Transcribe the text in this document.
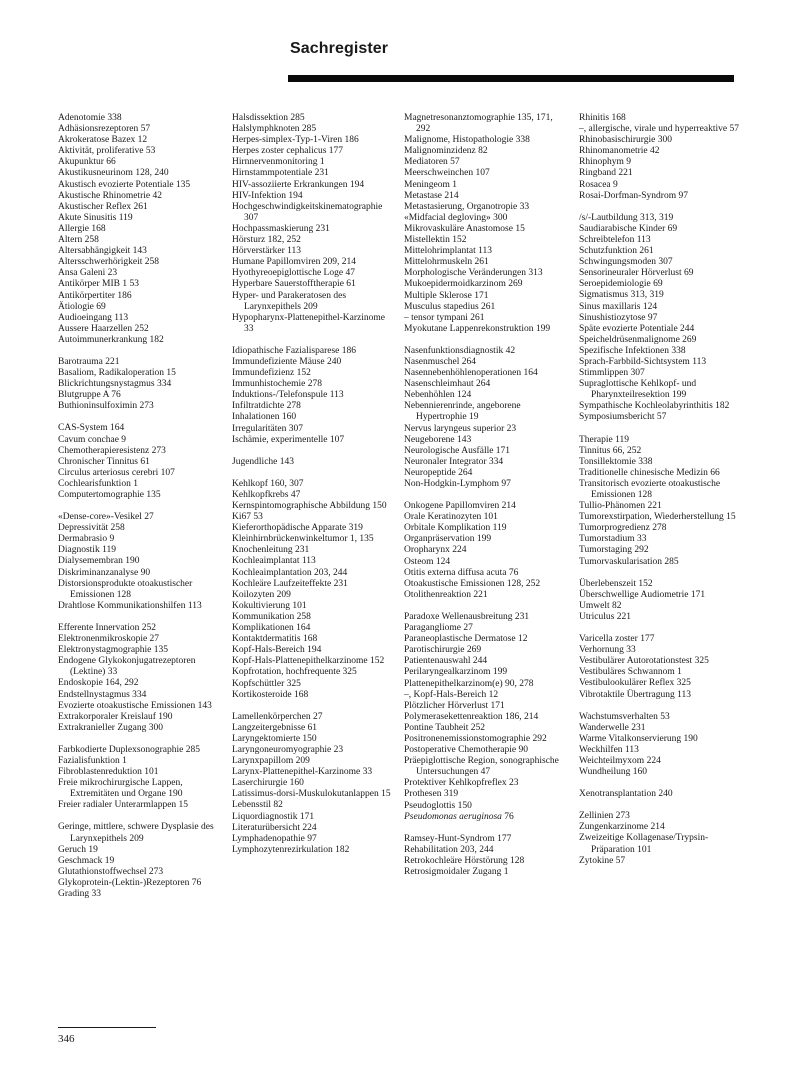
Sachregister
Adenotomie 338
Adhäsionsrezeptoren 57
Akrokeratose Bazex 12
Aktivität, proliferative 53
Akupunktur 66
Akustikusneurinom 128, 240
Akustisch evozierte Potentiale 135
Akustische Rhinometrie 42
Akustischer Reflex 261
Akute Sinusitis 119
Allergie 168
Altern 258
Altersabhängigkeit 143
Altersschwerhörigkeit 258
Ansa Galeni 23
Antikörper MIB 1 53
Antikörpertiter 186
Ätiologie 69
Audioeingang 113
Aussere Haarzellen 252
Autoimmunerkrankung 182
Barotrauma 221
Basaliom, Radikaloperation 15
Blickrichtungsnystagmus 334
Blutgruppe A 76
Buthioninsulfoximin 273
CAS-System 164
Cavum conchae 9
Chemotherapieresistenz 273
Chronischer Tinnitus 61
Circulus arteriosus cerebri 107
Cochlearisfunktion 1
Computertomographie 135
«Dense-core»-Vesikel 27
Depressivität 258
Dermabrasio 9
Diagnostik 119
Dialysemembran 190
Diskriminanzanalyse 90
Distorsionsprodukte otoakustischer Emissionen 128
Drahtlose Kommunikationshilfen 113
Efferente Innervation 252
Elektronenmikroskopie 27
Elektronystagmographie 135
Endogene Glykokonjugatrezeptoren (Lektine) 33
Endoskopie 164, 292
Endstellnystagmus 334
Evozierte otoakustische Emissionen 143
Extrakorporaler Kreislauf 190
Extrakranieller Zugang 300
Farbkodierte Duplexsonographie 285
Fazialisfunktion 1
Fibroblastenreduktion 101
Freie mikrochirurgische Lappen, Extremitäten und Organe 190
Freier radialer Unterarmlappen 15
Geringe, mittlere, schwere Dysplasie des Larynxepithels 209
Geruch 19
Geschmack 19
Glutathionstoffwechsel 273
Glykoprotein-(Lektin-)Rezeptoren 76
Grading 33
Halsdissektion 285
Halslymphknoten 285
Herpes-simplex-Typ-1-Viren 186
Herpes zoster cephalicus 177
Hirnnervenmonitoring 1
Hirnstammpotentiale 231
HIV-assoziierte Erkrankungen 194
HIV-Infektion 194
Hochgeschwindigkeitskinematographie 307
Hochpassmaskierung 231
Hörsturz 182, 252
Hörverstärker 113
Humane Papillomviren 209, 214
Hyothyreoepiglottische Loge 47
Hyperbare Sauerstofftherapie 61
Hyper- und Parakeratosen des Larynxepithels 209
Hypopharynx-Plattenepithel-Karzinome 33
Idiopathische Fazialisparese 186
Immundefiziente Mäuse 240
Immundefizienz 152
Immunhistochemie 278
Induktions-/Telefonspule 113
Infiltratdichte 278
Inhalationen 160
Irregularitäten 307
Ischämie, experimentelle 107
Jugendliche 143
Kehlkopf 160, 307
Kehlkopfkrebs 47
Kernspintomographische Abbildung 150
Ki67 53
Kieferorthopädische Apparate 319
Kleinhirnbrückenwinkeltumor 1, 135
Knochenleitung 231
Kochleaimplantat 113
Kochleaimplantation 203, 244
Kochleäre Laufzeiteffekte 231
Koilozyten 209
Kokultivierung 101
Kommunikation 258
Komplikationen 164
Kontaktdermatitis 168
Kopf-Hals-Bereich 194
Kopf-Hals-Plattenepithelkarzinome 152
Kopfrotation, hochfrequente 325
Kopfschüttler 325
Kortikosteroide 168
Lamellenkörperchen 27
Langzeitergebnisse 61
Laryngektomierte 150
Laryngoneuromyographie 23
Larynxpapillom 209
Larynx-Plattenepithel-Karzinome 33
Laserchirurgie 160
Latissimus-dorsi-Muskulokutanlappen 15
Lebensstil 82
Liquordiagnostik 171
Literaturübersicht 224
Lymphadenopathie 97
Lymphozytenrezirkulation 182
Magnetresonanztomographie 135, 171, 292
Malignome, Histopathologie 338
Malignominzidenz 82
Mediatoren 57
Meerschweinchen 107
Meningeom 1
Metastase 214
Metastasierung, Organotropie 33
«Midfacial degloving» 300
Mikrovaskuläre Anastomose 15
Mistellektin 152
Mittelohrimplantat 113
Mittelohrmuskeln 261
Morphologische Veränderungen 313
Mukoepidermoidkarzinom 269
Multiple Sklerose 171
Musculus stapedius 261
– tensor tympani 261
Myokutane Lappenrekonstruktion 199
Nasenfunktionsdiagnostik 42
Nasenmuschel 264
Nasennebenhöhlenoperationen 164
Nasenschleimhaut 264
Nebenhöhlen 124
Nebennierenrinde, angeborene Hypertrophie 19
Nervus laryngeus superior 23
Neugeborene 143
Neurologische Ausfälle 171
Neuronaler Integrator 334
Neuropeptide 264
Non-Hodgkin-Lymphom 97
Onkogene Papillomviren 214
Orale Keratinozyten 101
Orbitale Komplikation 119
Organpräservation 199
Oropharynx 224
Osteom 124
Otitis externa diffusa acuta 76
Otoakustische Emissionen 128, 252
Otolithenreaktion 221
Paradoxe Wellenausbreitung 231
Paragangliome 27
Paraneoplastische Dermatose 12
Parotischirurgie 269
Patientenauswahl 244
Perilaryngealkarzinom 199
Plattenepithelkarzinom(e) 90, 278
–, Kopf-Hals-Bereich 12
Plötzlicher Hörverlust 171
Polymerasekettenreaktion 186, 214
Pontine Taubheit 252
Positronenemissionstomographie 292
Postoperative Chemotherapie 90
Präepiglottische Region, sonographische Untersuchungen 47
Protektiver Kehlkopfreflex 23
Prothesen 319
Pseudoglottis 150
Pseudomonas aeruginosa 76
Ramsey-Hunt-Syndrom 177
Rehabilitation 203, 244
Retrokochleäre Hörstörung 128
Retrosigmoidaler Zugang 1
Rhinitis 168
–, allergische, virale und hyperreaktive 57
Rhinobasischirurgie 300
Rhinomanometrie 42
Rhinophym 9
Ringband 221
Rosacea 9
Rosai-Dorfman-Syndrom 97
/s/-Lautbildung 313, 319
Saudiarabische Kinder 69
Schreibtelefon 113
Schutzfunktion 261
Schwingungsmoden 307
Sensorineuraler Hörverlust 69
Seroepidemiologie 69
Sigmatismus 313, 319
Sinus maxillaris 124
Sinushistiozytose 97
Späte evozierte Potentiale 244
Speicheldrüsenmalignome 269
Spezifische Infektionen 338
Sprach-Farbbild-Sichtsystem 113
Stimmlippen 307
Supraglottische Kehlkopf- und Pharynxteilresektion 199
Sympathische Kochleolabyrinthitis 182
Symposiumsbericht 57
Therapie 119
Tinnitus 66, 252
Tonsillektomie 338
Traditionelle chinesische Medizin 66
Transitorisch evozierte otoakustische Emissionen 128
Tullio-Phänomen 221
Tumorexstirpation, Wiederherstellung 15
Tumorprogredienz 278
Tumorstadium 33
Tumorstaging 292
Tumorvaskularisation 285
Überlebenszeit 152
Überschwellige Audiometrie 171
Umwelt 82
Utriculus 221
Varicella zoster 177
Verhornung 33
Vestibulärer Autorotationstest 325
Vestibuläres Schwannom 1
Vestibulookulärer Reflex 325
Vibrotaktile Übertragung 113
Wachstumsverhalten 53
Wanderwelle 231
Warme Vitalkonservierung 190
Weckhilfen 113
Weichteilmyxom 224
Wundheilung 160
Xenotransplantation 240
Zellinien 273
Zungenkarzinome 214
Zweizeitige Kollagenase/Trypsin-Präparation 101
Zytokine 57
346
